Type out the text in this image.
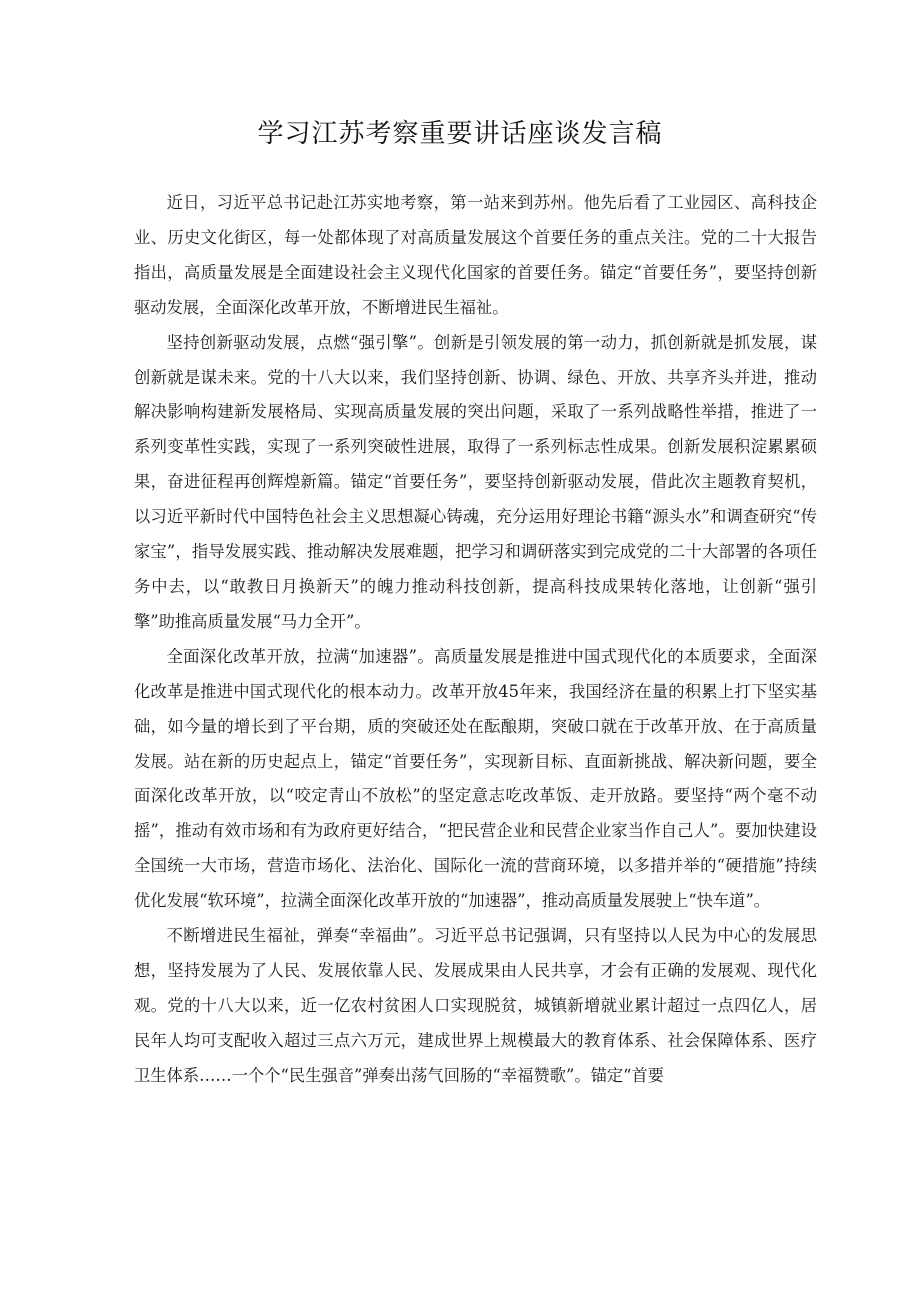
学习江苏考察重要讲话座谈发言稿

近日，习近平总书记赴江苏实地考察，第一站来到苏州。他先后看了工业园区、高科技企业、历史文化街区，每一处都体现了对高质量发展这个首要任务的重点关注。党的二十大报告指出，高质量发展是全面建设社会主义现代化国家的首要任务。锚定“首要任务”，要坚持创新驱动发展，全面深化改革开放，不断增进民生福祉。

坚持创新驱动发展，点燃“强引擎”。创新是引领发展的第一动力，抓创新就是抓发展，谋创新就是谋未来。党的十八大以来，我们坚持创新、协调、绿色、开放、共享齐头并进，推动解决影响构建新发展格局、实现高质量发展的突出问题，采取了一系列战略性举措，推进了一系列变革性实践，实现了一系列突破性进展，取得了一系列标志性成果。创新发展积淀累累硕果，奋进征程再创辉煌新篇。锚定“首要任务”，要坚持创新驱动发展，借此次主题教育契机，以习近平新时代中国特色社会主义思想凝心铸魂，充分运用好理论书籍“源头水”和调查研究“传家宝”，指导发展实践、推动解决发展难题，把学习和调研落实到完成党的二十大部署的各项任务中去，以“敢教日月换新天”的魄力推动科技创新，提高科技成果转化落地，让创新“强引擎”助推高质量发展“马力全开”。

全面深化改革开放，拉满“加速器”。高质量发展是推进中国式现代化的本质要求，全面深化改革是推进中国式现代化的根本动力。改革开放45年来，我国经济在量的积累上打下坚实基础，如今量的增长到了平台期，质的突破还处在酝酿期，突破口就在于改革开放、在于高质量发展。站在新的历史起点上，锚定“首要任务”，实现新目标、直面新挑战、解决新问题，要全面深化改革开放，以“咬定青山不放松”的坚定意志吃改革饭、走开放路。要坚持“两个毫不动摇”，推动有效市场和有为政府更好结合，“把民营企业和民营企业家当作自己人”。要加快建设全国统一大市场，营造市场化、法治化、国际化一流的营商环境，以多措并举的“硬措施”持续优化发展“软环境”，拉满全面深化改革开放的“加速器”，推动高质量发展驶上“快车道”。

不断增进民生福祉，弹奏“幸福曲”。习近平总书记强调，只有坚持以人民为中心的发展思想，坚持发展为了人民、发展依靠人民、发展成果由人民共享，才会有正确的发展观、现代化观。党的十八大以来，近一亿农村贫困人口实现脱贫，城镇新增就业累计超过一点四亿人，居民年人均可支配收入超过三点六万元，建成世界上规模最大的教育体系、社会保障体系、医疗卫生体系……一个个“民生强音”弹奏出荡气回肠的“幸福赞歌”。锚定“首要
